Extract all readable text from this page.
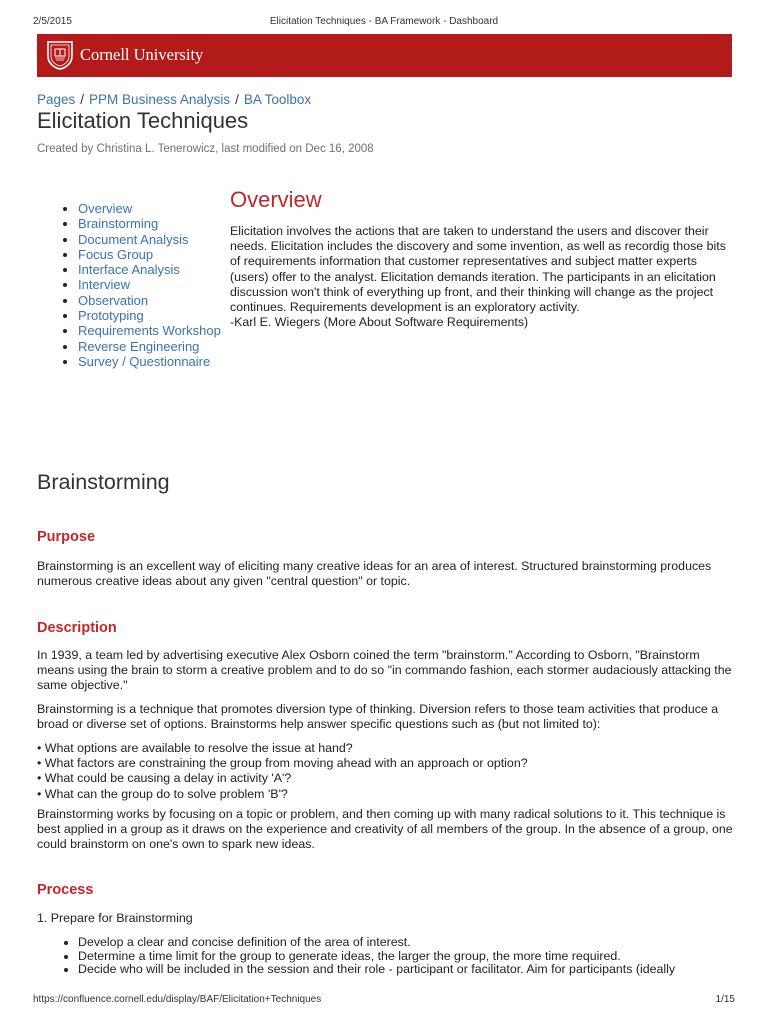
2/5/2015	Elicitation Techniques - BA Framework - Dashboard
Cornell University
Pages / PPM Business Analysis / BA Toolbox
Elicitation Techniques
Created by Christina L. Tenerowicz, last modified on Dec 16, 2008
• Overview
• Brainstorming
• Document Analysis
• Focus Group
• Interface Analysis
• Interview
• Observation
• Prototyping
• Requirements Workshop
• Reverse Engineering
• Survey / Questionnaire
Overview

Elicitation involves the actions that are taken to understand the users and discover their needs. Elicitation includes the discovery and some invention, as well as recordig those bits of requirements information that customer representatives and subject matter experts (users) offer to the analyst. Elicitation demands iteration. The participants in an elicitation discussion won't think of everything up front, and their thinking will change as the project continues. Requirements development is an exploratory activity.

-Karl E. Wiegers (More About Software Requirements)

Brainstorming
Purpose

Brainstorming is an excellent way of eliciting many creative ideas for an area of interest. Structured brainstorming produces numerous creative ideas about any given "central question" or topic.

Description

In 1939, a team led by advertising executive Alex Osborn coined the term "brainstorm." According to Osborn, "Brainstorm means using the brain to storm a creative problem and to do so "in commando fashion, each stormer audaciously attacking the same objective."

Brainstorming is a technique that promotes diversion type of thinking. Diversion refers to those team activities that produce a broad or diverse set of options. Brainstorms help answer specific questions such as (but not limited to):

• What options are available to resolve the issue at hand?
• What factors are constraining the group from moving ahead with an approach or option?
• What could be causing a delay in activity 'A'?
• What can the group do to solve problem 'B'?

Brainstorming works by focusing on a topic or problem, and then coming up with many radical solutions to it. This technique is best applied in a group as it draws on the experience and creativity of all members of the group. In the absence of a group, one could brainstorm on one's own to spark new ideas.

Process

1. Prepare for Brainstorming

• Develop a clear and concise definition of the area of interest.
• Determine a time limit for the group to generate ideas, the larger the group, the more time required.
• Decide who will be included in the session and their role - participant or facilitator. Aim for participants (ideally
https://confluence.cornell.edu/display/BAF/Elicitation+Techniques	1/15
